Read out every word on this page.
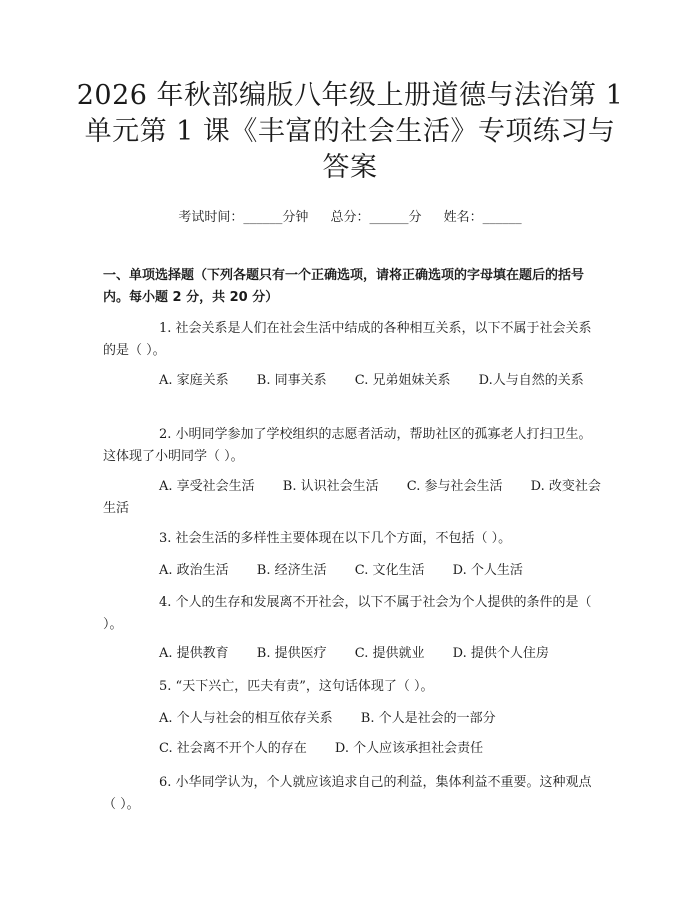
2026 年秋部编版八年级上册道德与法治第 1
单元第 1 课《丰富的社会生活》专项练习与
答案
考试时间：______分钟 总分：______分 姓名：______
一、单项选择题（下列各题只有一个正确选项，请将正确选项的字母填在题后的括号内。每小题 2 分，共 20 分）
1. 社会关系是人们在社会生活中结成的各种相互关系，以下不属于社会关系的是（ ）。
A. 家庭关系 B. 同事关系 C. 兄弟姐妹关系 D.人与自然的关系
2. 小明同学参加了学校组织的志愿者活动，帮助社区的孤寡老人打扫卫生。这体现了小明同学（ ）。
A. 享受社会生活 B. 认识社会生活 C. 参与社会生活 D. 改变社会生活
3. 社会生活的多样性主要体现在以下几个方面，不包括（ ）。
A. 政治生活 B. 经济生活 C. 文化生活 D. 个人生活
4. 个人的生存和发展离不开社会，以下不属于社会为个人提供的条件的是（ ）。
A. 提供教育 B. 提供医疗 C. 提供就业 D. 提供个人住房
5. “天下兴亡，匹夫有责”，这句话体现了（ ）。
A. 个人与社会的相互依存关系 B. 个人是社会的一部分
C. 社会离不开个人的存在 D. 个人应该承担社会责任
6. 小华同学认为，个人就应该追求自己的利益，集体利益不重要。这种观点（ ）。
